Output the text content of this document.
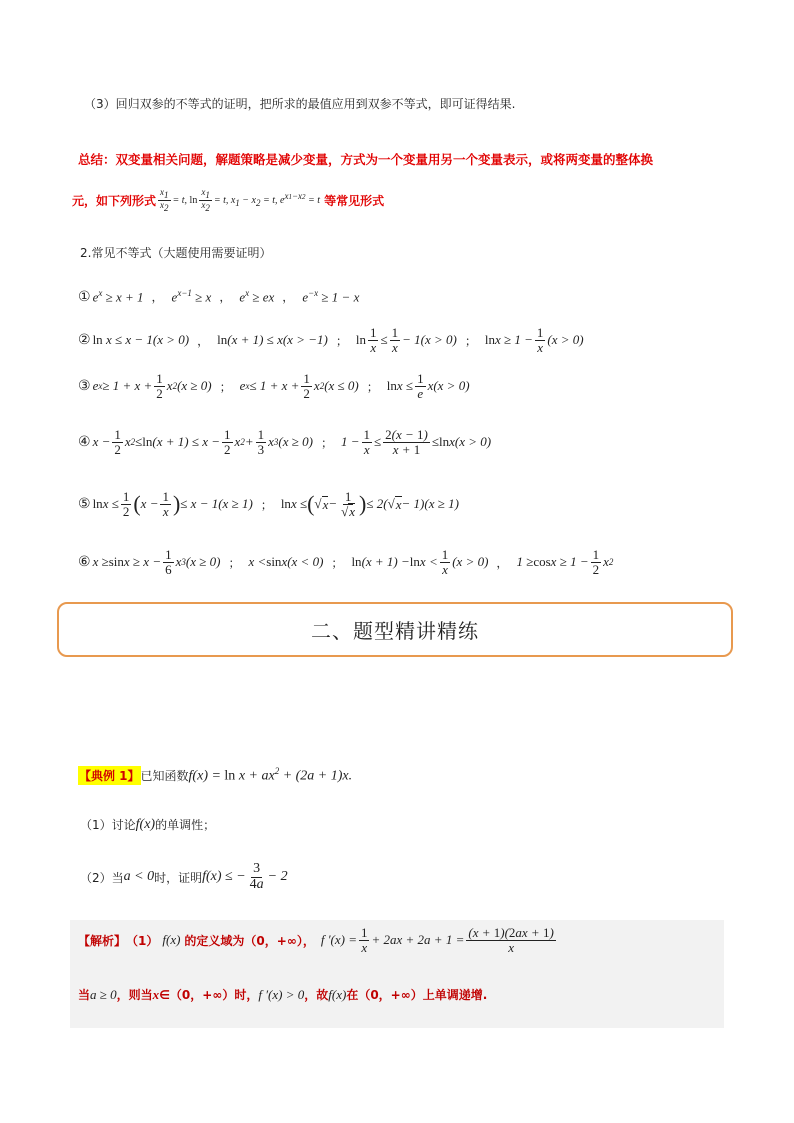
（3）回归双参的不等式的证明，把所求的最值应用到双参不等式，即可证得结果.
总结：双变量相关问题，解题策略是减少变量，方式为一个变量用另一个变量表示，或将两变量的整体换
元，如下列形式 $\frac{x1}{x2} = t$, $\ln \frac{x1}{x2} = t$, x1 − x2 = t, ex1−x2 = t 等常见形式
2.常见不等式（大题使用需要证明）
① $e^x \ge x + 1$ ， $e^{x-1} \ge x$ ， $e^x$ ≥ ex ， $e^{-x} \ge 1 - x$
② ln x ≤ x − 1(x > 0) ， ln(x + 1) ≤ x(x > −1) ； $\ln \frac{1}{x} \le \frac{1}{x} - 1(x > 0)$ ； $\ln x \ge 1 - \frac{1}{x} (x > 0)$
③ e $x \ge 1 + x + \frac{1}{2}$ x 2 (x ≥ 0) ； e $x \le 1 + x + \frac{1}{2}$ x 2 (x ≤ 0) ； $\ln x \le \frac{1}{e} x(x > 0)$
④ $x - \frac{1}{2}$ x $2 \le \ln (x + 1) \le x - \frac{1}{2}$ x $2 + \frac{1}{3}$ x 3 (x ≥ 0) ； $1 - \frac{1}{x} \le \frac{2(x - 1)}{x + 1} \le \ln x(x > 0)$
⑤ $\ln x \le \frac{1}{2}$ ( $x - \frac{1}{x}$ ) ≤ x − 1(x ≥ 1) ； ln x ≤ ( √ $x - \frac{1}{√x}$ ) ≤ 2(√ x − 1)(x ≥ 1)
⑥ $x \ge \sin x \ge x - \frac{1}{6}$ x 3 (x ≥ 0) ； x < sin x(x < 0) ； $\ln (x + 1) - \ln x < \frac{1}{x} (x > 0)$ ， $1 \ge \cos x \ge 1 - \frac{1}{2}$ x 2
二、题型精讲精练
【典例 1】 已知函数 $f(x) = \ln x + ax^2 + (2a + 1)x$.
（1）讨论 f(x) 的单调性；
（2）当 a < 0 时，证明 f(x) ≤ − $\frac{3}{4a} - 2$
【解析】 （1） f(x) 的定义域为（0，+∞）， f $'(x) = \frac{1}{x} + 2ax + 2a + 1 = \frac{(x + 1)(2ax + 1)}{x}$
当 a ≥ 0 ，则当 x ∈（0，+∞）时， f ′(x) > 0 ，故 f(x) 在（0，+∞）上单调递增.
